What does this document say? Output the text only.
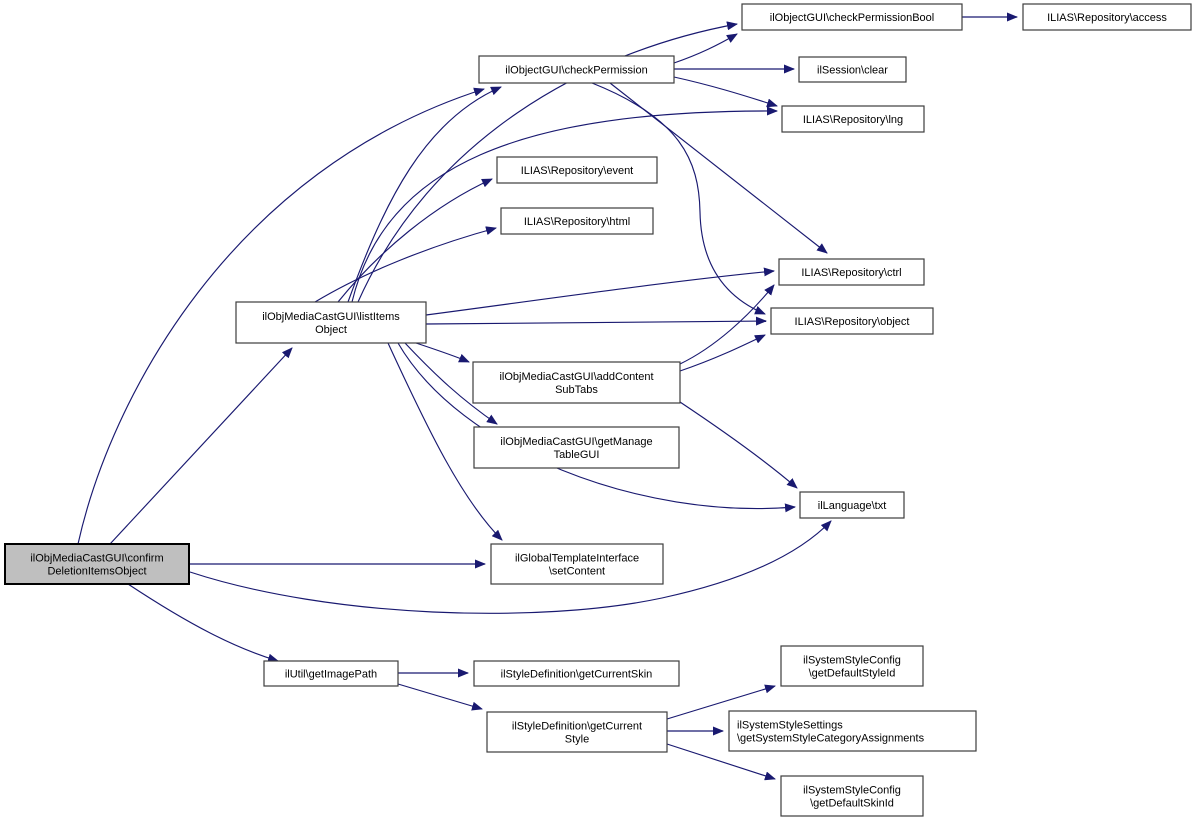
ilObjMediaCastGUI\confirm DeletionItemsObject
ilObjMediaCastGUI\listItems Object
ilObjectGUI\checkPermission
ilObjectGUI\checkPermissionBool	ILIAS\Repository\access
ilSession\clear
ILIAS\Repository\lng
ILIAS\Repository\event
ILIAS\Repository\html
ILIAS\Repository\ctrl
ILIAS\Repository\object
ilObjMediaCastGUI\addContent SubTabs
ilObjMediaCastGUI\getManage TableGUI
ilLanguage\txt
ilGlobalTemplateInterface \setContent
ilUtil\getImagePath	ilStyleDefinition\getCurrentSkin
ilStyleDefinition\getCurrent Style
ilSystemStyleConfig \getDefaultStyleId
ilSystemStyleSettings \getSystemStyleCategoryAssignments
ilSystemStyleConfig \getDefaultSkinId
